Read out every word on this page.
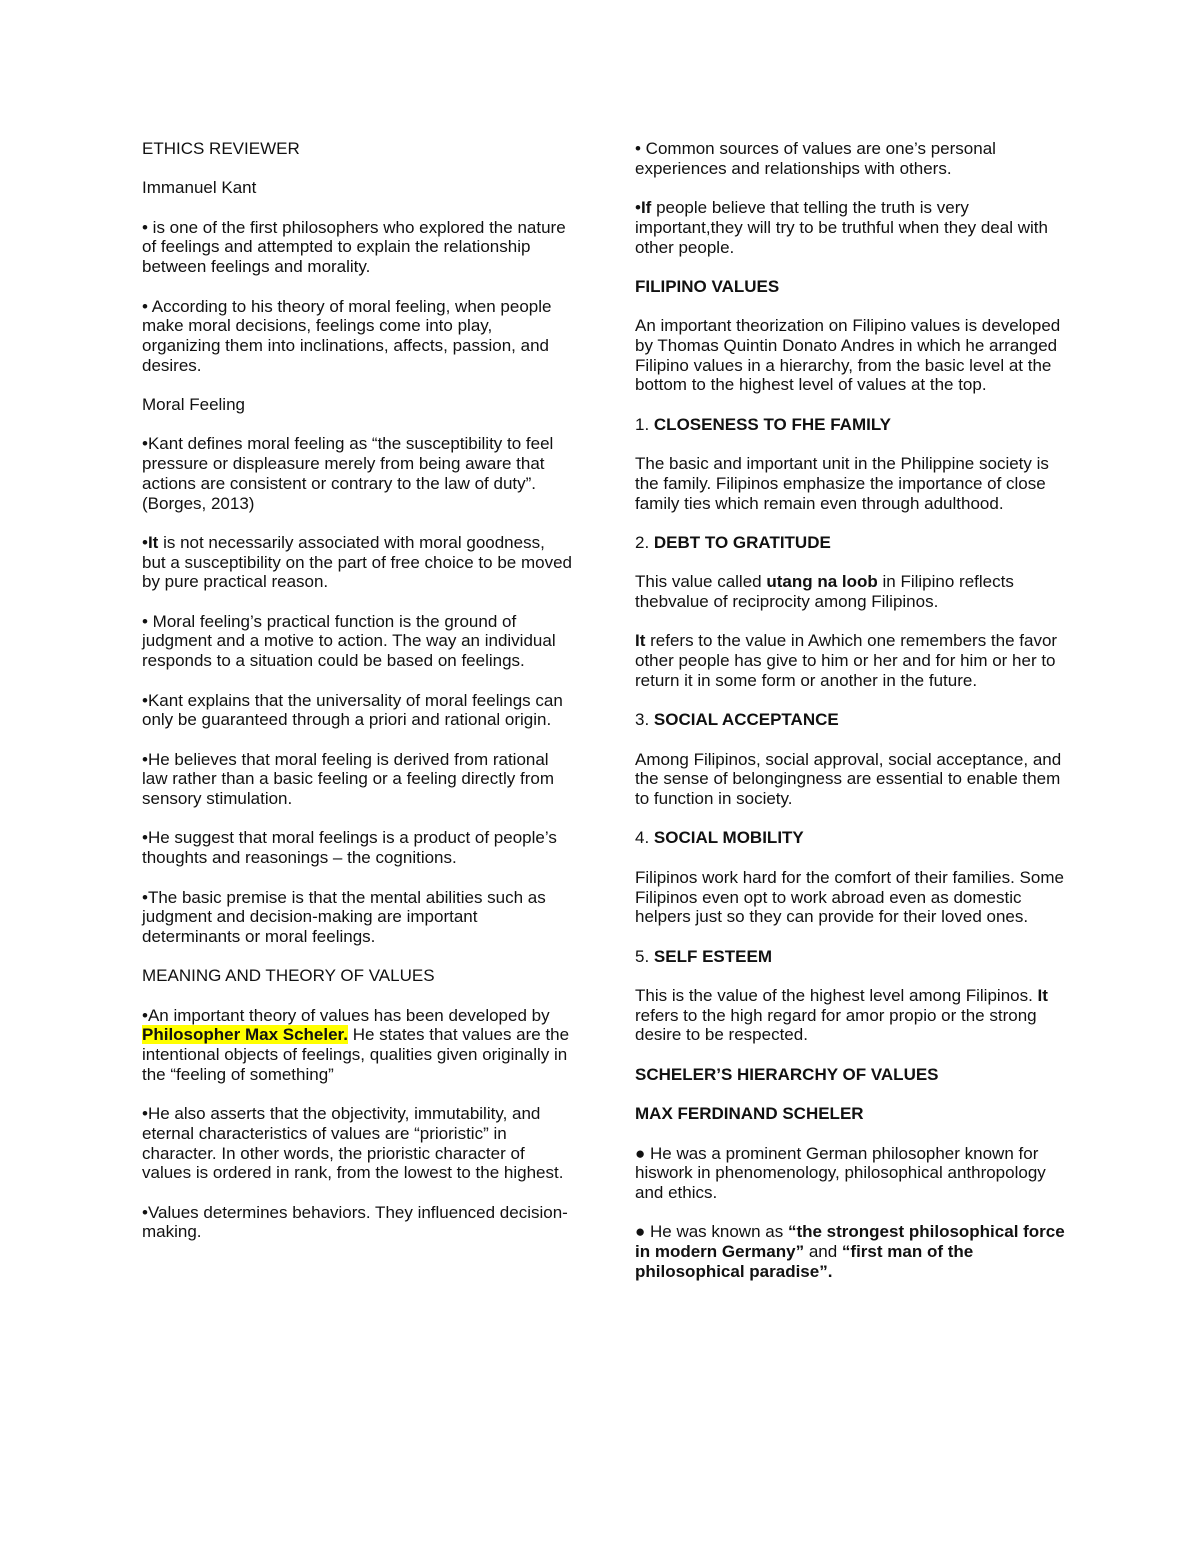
ETHICS REVIEWER

Immanuel Kant

• is one of the first philosophers who explored the nature of feelings and attempted to explain the relationship between feelings and morality.

• According to his theory of moral feeling, when people make moral decisions, feelings come into play, organizing them into inclinations, affects, passion, and desires.

Moral Feeling

•Kant defines moral feeling as “the susceptibility to feel pressure or displeasure merely from being aware that actions are consistent or contrary to the law of duty”. (Borges, 2013)

•It is not necessarily associated with moral goodness, but a susceptibility on the part of free choice to be moved by pure practical reason.

• Moral feeling’s practical function is the ground of judgment and a motive to action. The way an individual responds to a situation could be based on feelings.

•Kant explains that the universality of moral feelings can only be guaranteed through a priori and rational origin.

•He believes that moral feeling is derived from rational law rather than a basic feeling or a feeling directly from sensory stimulation.

•He suggest that moral feelings is a product of people’s thoughts and reasonings – the cognitions.

•The basic premise is that the mental abilities such as judgment and decision-making are important determinants or moral feelings.

MEANING AND THEORY OF VALUES

•An important theory of values has been developed by Philosopher Max Scheler. He states that values are the intentional objects of feelings, qualities given originally in the “feeling of something”

•He also asserts that the objectivity, immutability, and eternal characteristics of values are “prioristic” in character. In other words, the prioristic character of values is ordered in rank, from the lowest to the highest.

•Values determines behaviors. They influenced decision-making.

• Common sources of values are one’s personal experiences and relationships with others.

•If people believe that telling the truth is very important,they will try to be truthful when they deal with other people.

FILIPINO VALUES

An important theorization on Filipino values is developed by Thomas Quintin Donato Andres in which he arranged Filipino values in a hierarchy, from the basic level at the bottom to the highest level of values at the top.

1. CLOSENESS TO FHE FAMILY

The basic and important unit in the Philippine society is the family. Filipinos emphasize the importance of close family ties which remain even through adulthood.

2. DEBT TO GRATITUDE

This value called utang na loob in Filipino reflects thebvalue of reciprocity among Filipinos.

It refers to the value in Awhich one remembers the favor other people has give to him or her and for him or her to return it in some form or another in the future.

3. SOCIAL ACCEPTANCE

Among Filipinos, social approval, social acceptance, and the sense of belongingness are essential to enable them to function in society.

4. SOCIAL MOBILITY

Filipinos work hard for the comfort of their families. Some Filipinos even opt to work abroad even as domestic helpers just so they can provide for their loved ones.

5. SELF ESTEEM

This is the value of the highest level among Filipinos. It refers to the high regard for amor propio or the strong desire to be respected.

SCHELER’S HIERARCHY OF VALUES

MAX FERDINAND SCHELER

● He was a prominent German philosopher known for hiswork in phenomenology, philosophical anthropology and ethics.

● He was known as “the strongest philosophical force in modern Germany” and “first man of the philosophical paradise”.
